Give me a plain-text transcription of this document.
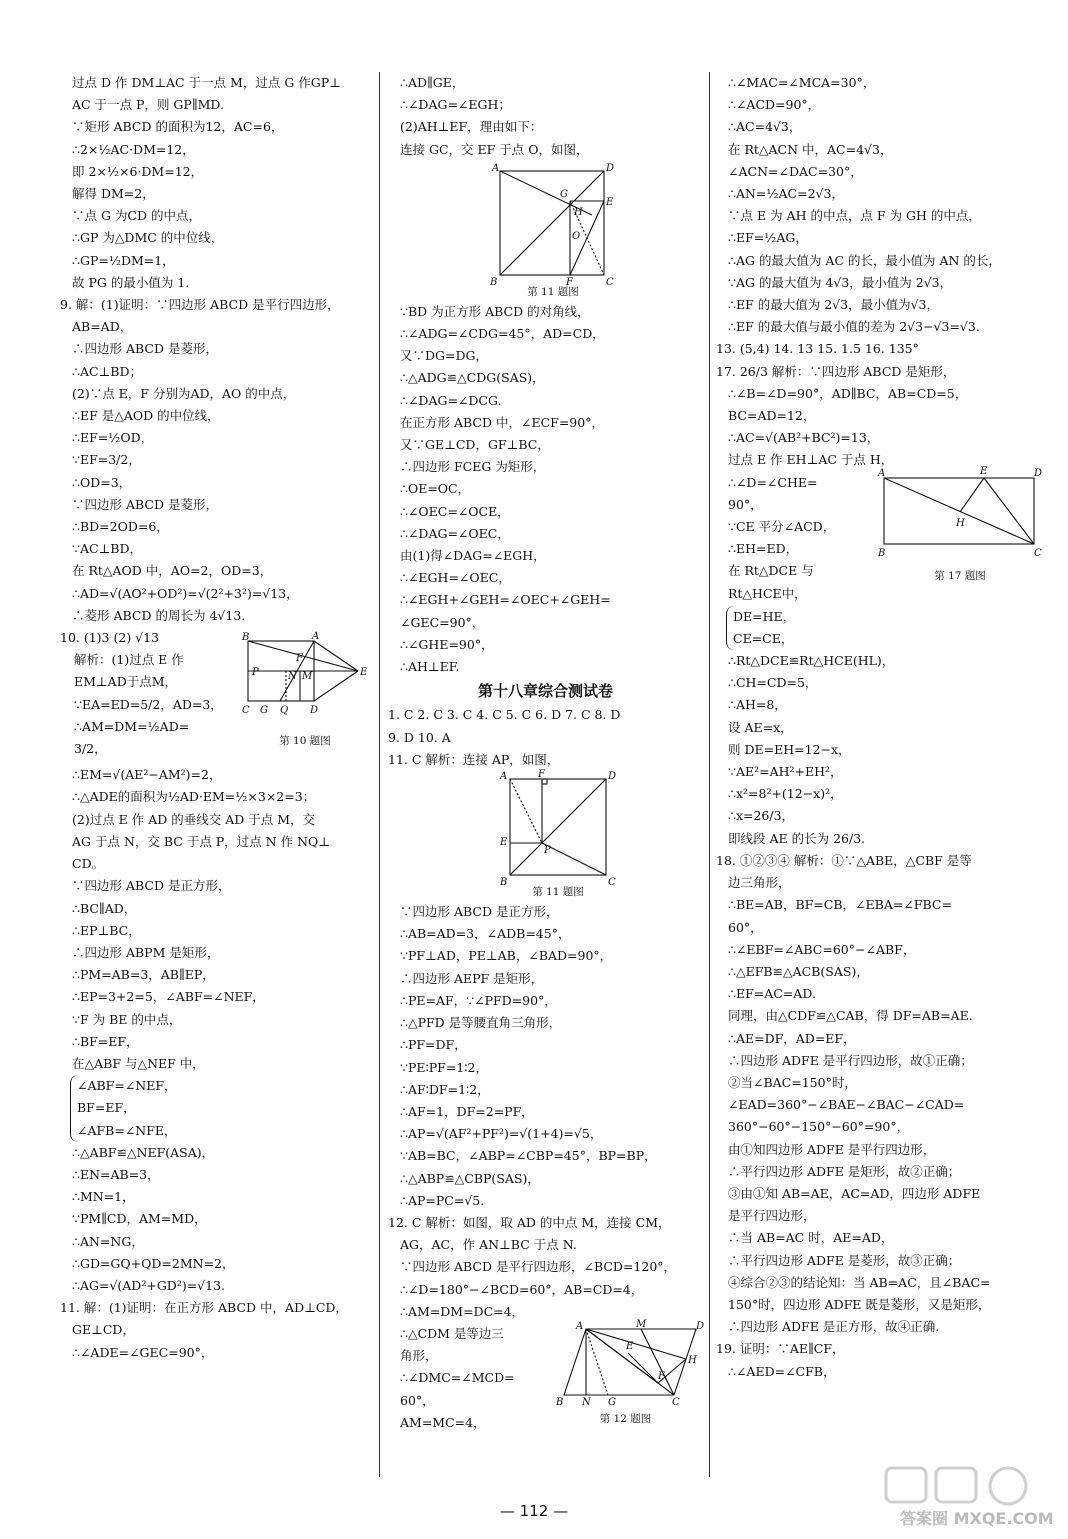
过点 D 作 DM⊥AC 于一点 M，过点 G 作GP⊥
AC 于一点 P，则 GP∥MD.
∵矩形 ABCD 的面积为12，AC=6，
∴2×½AC·DM=12，
即 2×½×6·DM=12，
解得 DM=2，
∵点 G 为CD 的中点，
∴GP 为△DMC 的中位线，
∴GP=½DM=1，
故 PG 的最小值为 1.
9. 解：(1)证明：∵四边形 ABCD 是平行四边形，
AB=AD，
∴四边形 ABCD 是菱形，
∴AC⊥BD；
(2)∵点 E，F 分别为AD，AO 的中点，
∴EF 是△AOD 的中位线，
∴EF=½OD，
∵EF=3/2，
∴OD=3，
∵四边形 ABCD 是菱形，
∴BD=2OD=6，
∵AC⊥BD，
在 Rt△AOD 中，AO=2，OD=3，
∴AD=√(AO²+OD²)=√(2²+3²)=√13，
∴菱形 ABCD 的周长为 4√13.
10. (1)3 (2) √13
解析：(1)过点 E 作
EM⊥AD于点M，
∵EA=ED=5/2，AD=3，
∴AM=DM=½AD=
3/2，
B	A
F
P	N M	E
C G Q D
第 10 题图
∴EM=√(AE²−AM²)=2，
∴△ADE的面积为½AD·EM=½×3×2=3；
(2)过点 E 作 AD 的垂线交 AD 于点 M，交
AG 于点 N，交 BC 于点 P，过点 N 作 NQ⊥
CD。
∵四边形 ABCD 是正方形，
∴BC∥AD，
∴EP⊥BC，
∴四边形 ABPM 是矩形，
∴PM=AB=3，AB∥EP，
∴EP=3+2=5，∠ABF=∠NEF，
∵F 为 BE 的中点，
∴BF=EF，
在△ABF 与△NEF 中，
∠ABF=∠NEF，
BF=EF，
∠AFB=∠NFE，
∴△ABF≌△NEF(ASA)，
∴EN=AB=3，
∴MN=1，
∵PM∥CD，AM=MD，
∴AN=NG，
∴GD=GQ+QD=2MN=2，
∴AG=√(AD²+GD²)=√13.
11. 解：(1)证明：在正方形 ABCD 中，AD⊥CD，
GE⊥CD，
∴∠ADE=∠GEC=90°，
∴AD∥GE，
∴∠DAG=∠EGH；
(2)AH⊥EF，理由如下：
连接 GC，交 EF 于点 O，如图，
A	D
G
H
E
O
B	F	C
第 11 题图
∵BD 为正方形 ABCD 的对角线，
∴∠ADG=∠CDG=45°，AD=CD，
又∵DG=DG，
∴△ADG≌△CDG(SAS)，
∴∠DAG=∠DCG.
在正方形 ABCD 中，∠ECF=90°，
又∵GE⊥CD，GF⊥BC，
∴四边形 FCEG 为矩形，
∴OE=OC，
∴∠OEC=∠OCE，
∴∠DAG=∠OEC，
由(1)得∠DAG=∠EGH，
∴∠EGH=∠OEC，
∴∠EGH+∠GEH=∠OEC+∠GEH=
∠GEC=90°，
∴∠GHE=90°，
∴AH⊥EF.
第十八章综合测试卷
1. C 2. C 3. C 4. C 5. C 6. D 7. C 8. D
9. D 10. A
11. C 解析：连接 AP，如图，
A	F	D
E
P
B	C
第 11 题图
∵四边形 ABCD 是正方形，
∴AB=AD=3，∠ADB=45°，
∵PF⊥AD，PE⊥AB，∠BAD=90°，
∴四边形 AEPF 是矩形，
∴PE=AF，∵∠PFD=90°，
∴△PFD 是等腰直角三角形，
∴PF=DF，
∵PE∶PF=1∶2，
∴AF∶DF=1∶2，
∴AF=1，DF=2=PF，
∴AP=√(AF²+PF²)=√(1+4)=√5，
∵AB=BC，∠ABP=∠CBP=45°，BP=BP，
∴△ABP≌△CBP(SAS)，
∴AP=PC=√5.
12. C 解析：如图，取 AD 的中点 M，连接 CM，
AG，AC，作 AN⊥BC 于点 N.
∵四边形 ABCD 是平行四边形，∠BCD=120°，
∴∠D=180°−∠BCD=60°，AB=CD=4，
∴AM=DM=DC=4，
∴△CDM 是等边三
角形，
∴∠DMC=∠MCD=
60°，
AM=MC=4，
A	M	D
E
H
F
B N G	C
第 12 题图
∴∠MAC=∠MCA=30°，
∴∠ACD=90°，
∴AC=4√3，
在 Rt△ACN 中，AC=4√3，
∠ACN=∠DAC=30°，
∴AN=½AC=2√3，
∵点 E 为 AH 的中点，点 F 为 GH 的中点，
∴EF=½AG，
∴AG 的最大值为 AC 的长，最小值为 AN 的长，
∵AG 的最大值为 4√3，最小值为 2√3，
∴EF 的最大值为 2√3，最小值为√3，
∴EF 的最大值与最小值的差为 2√3−√3=√3.
13. (5,4) 14. 13 15. 1.5 16. 135°
17. 26/3 解析：∵四边形 ABCD 是矩形，
∴∠B=∠D=90°，AD∥BC，AB=CD=5，
BC=AD=12，
∴AC=√(AB²+BC²)=13，
过点 E 作 EH⊥AC 于点 H，
∴∠D=∠CHE=
90°，
∵CE 平分∠ACD，
∴EH=ED，
在 Rt△DCE 与
Rt△HCE中，
A	E	D
H
B	C
第 17 题图
DE=HE，
CE=CE，
∴Rt△DCE≌Rt△HCE(HL)，
∴CH=CD=5，
∴AH=8，
设 AE=x，
则 DE=EH=12−x，
∵AE²=AH²+EH²，
∴x²=8²+(12−x)²，
∴x=26/3，
即线段 AE 的长为 26/3.
18. ①②③④ 解析：①∵△ABE，△CBF 是等
边三角形，
∴BE=AB，BF=CB，∠EBA=∠FBC=
60°，
∴∠EBF=∠ABC=60°−∠ABF，
∴△EFB≌△ACB(SAS)，
∴EF=AC=AD.
同理，由△CDF≌△CAB，得 DF=AB=AE.
∴AE=DF，AD=EF，
∴四边形 ADFE 是平行四边形，故①正确；
②当∠BAC=150°时，
∠EAD=360°−∠BAE−∠BAC−∠CAD=
360°−60°−150°−60°=90°，
由①知四边形 ADFE 是平行四边形，
∴平行四边形 ADFE 是矩形，故②正确；
③由①知 AB=AE，AC=AD，四边形 ADFE
是平行四边形，
∴当 AB=AC 时，AE=AD，
∴平行四边形 ADFE 是菱形，故③正确；
④综合②③的结论知：当 AB=AC，且∠BAC=
150°时，四边形 ADFE 既是菱形，又是矩形，
∴四边形 ADFE 是正方形，故④正确.
19. 证明：∵AE∥CF，
∴∠AED=∠CFB，
— 112 —	答案圈 MXQE.COM
